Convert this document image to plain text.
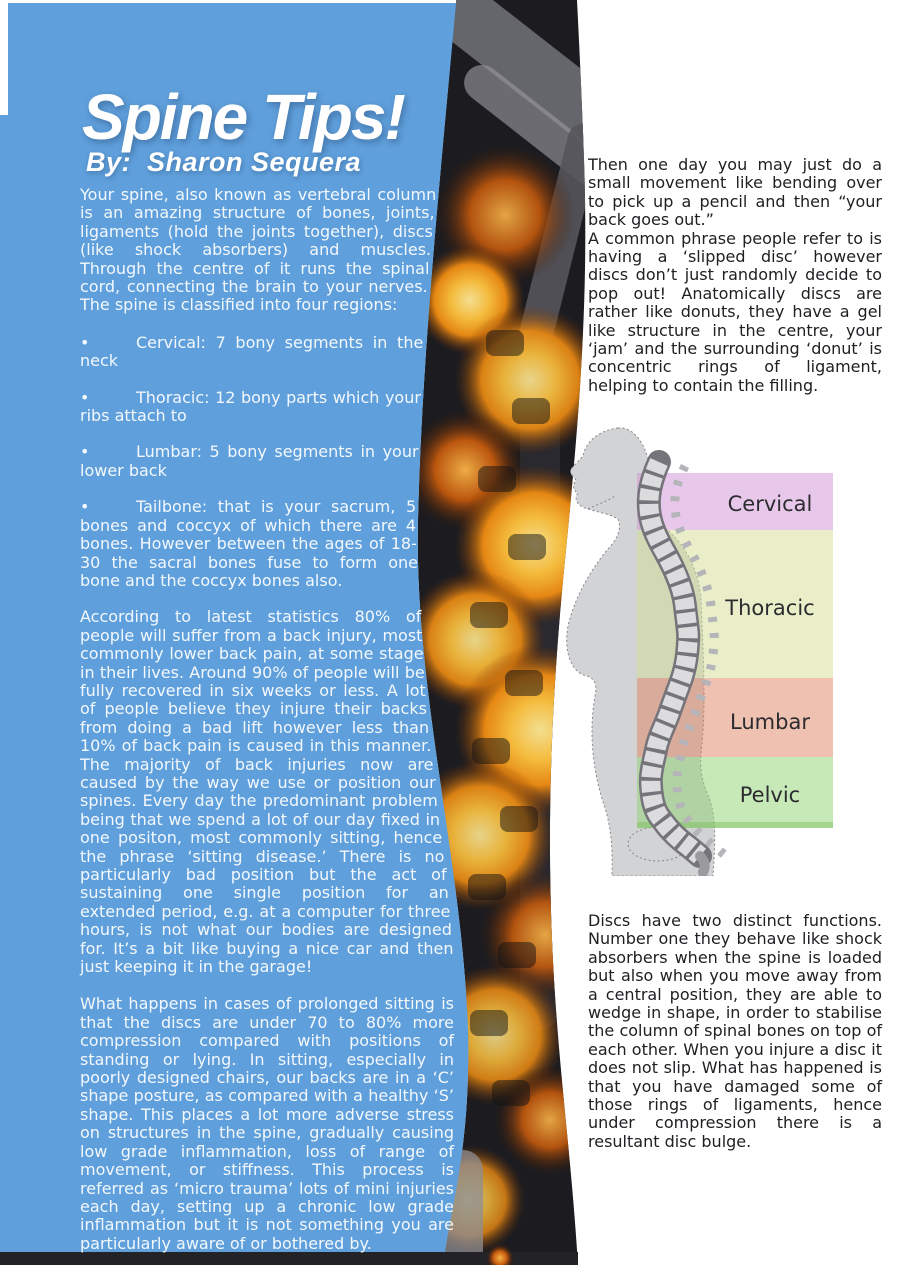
Spine Tips!
By:  Sharon Sequera

Your spine, also known as vertebral column is an amazing structure of bones, joints, ligaments (hold the joints together), discs (like shock absorbers) and muscles. Through the centre of it runs the spinal cord, connecting the brain to your nerves. The spine is classified into four regions:

•	Cervical: 7 bony segments in the neck

•	Thoracic: 12 bony parts which your ribs attach to

•	Lumbar: 5 bony segments in your lower back

•	Tailbone: that is your sacrum, 5 bones and coccyx of which there are 4 bones. However between the ages of 18-30 the sacral bones fuse to form one bone and the coccyx bones also.

According to latest statistics 80% of people will suffer from a back injury, most commonly lower back pain, at some stage in their lives. Around 90% of people will be fully recovered in six weeks or less. A lot of people believe they injure their backs from doing a bad lift however less than 10% of back pain is caused in this manner. The majority of back injuries now are caused by the way we use or position our spines. Every day the predominant problem being that we spend a lot of our day fixed in one positon, most commonly sitting, hence the phrase ‘sitting disease.’ There is no particularly bad position but the act of sustaining one single position for an extended period, e.g. at a computer for three hours, is not what our bodies are designed for. It’s a bit like buying a nice car and then just keeping it in the garage!

What happens in cases of prolonged sitting is that the discs are under 70 to 80% more compression compared with positions of standing or lying. In sitting, especially in poorly designed chairs, our backs are in a ‘C’ shape posture, as compared with a healthy ‘S’ shape. This places a lot more adverse stress on structures in the spine, gradually causing low grade inflammation, loss of range of movement, or stiffness. This process is referred as ‘micro trauma’ lots of mini injuries each day, setting up a chronic low grade inflammation but it is not something you are particularly aware of or bothered by.

Then one day you may just do a small movement like bending over to pick up a pencil and then “your back goes out.”

A common phrase people refer to is having a ‘slipped disc’ however discs don’t just randomly decide to pop out! Anatomically discs are rather like donuts, they have a gel like structure in the centre, your ‘jam’ and the surrounding ‘donut’ is concentric rings of ligament, helping to contain the filling.

Cervical
Thoracic
Lumbar
Pelvic

Discs have two distinct functions. Number one they behave like shock absorbers when the spine is loaded but also when you move away from a central position, they are able to wedge in shape, in order to stabilise the column of spinal bones on top of each other. When you injure a disc it does not slip. What has happened is that you have damaged some of those rings of ligaments, hence under compression there is a resultant disc bulge.
